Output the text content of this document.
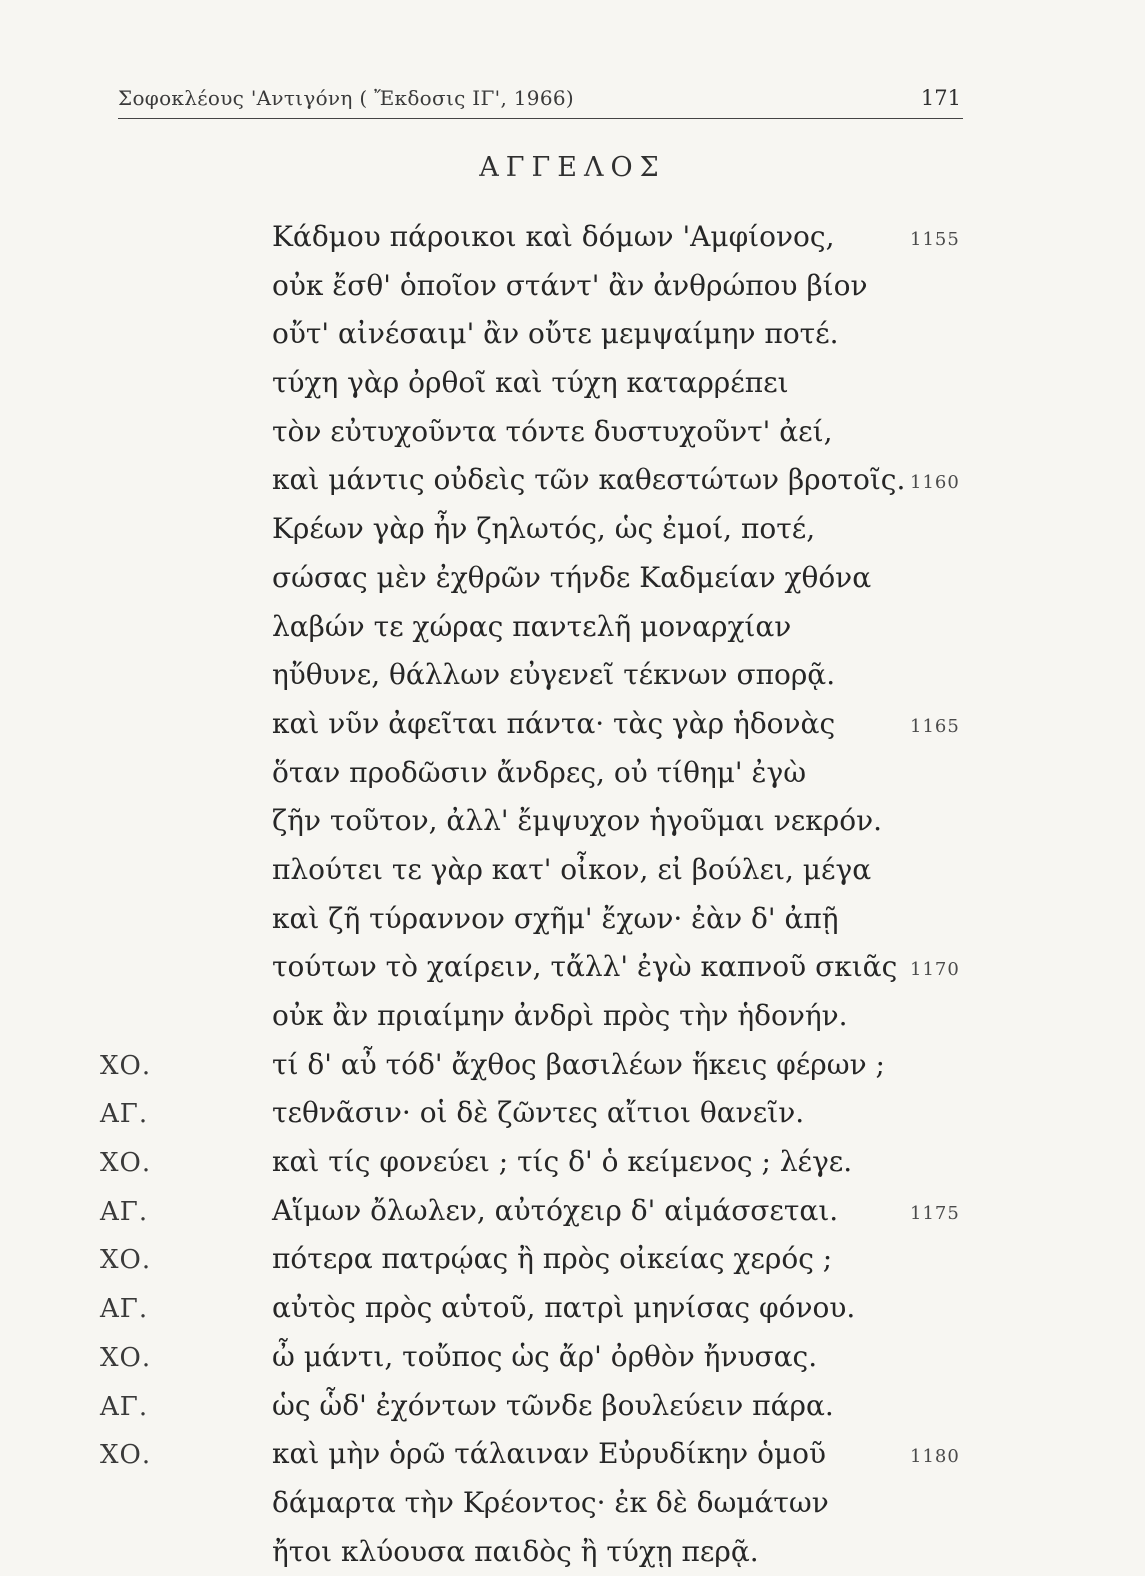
Σοφοκλέους 'Αντιγόνη ( Ἔκδοσις ΙΓ', 1966)	171
ΑΓΓΕΛΟΣ
Κάδμου πάροικοι καὶ δόμων 'Αμφίονος,	1155
οὐκ ἔσθ' ὁποῖον στάντ' ἂν ἀνθρώπου βίον
οὔτ' αἰνέσαιμ' ἂν οὔτε μεμψαίμην ποτέ.
τύχη γὰρ ὀρθοῖ καὶ τύχη καταρρέπει
τὸν εὐτυχοῦντα τόντε δυστυχοῦντ' ἀεί,
καὶ μάντις οὐδεὶς τῶν καθεστώτων βροτοῖς. 1160
Κρέων γὰρ ἦν ζηλωτός, ὡς ἐμοί, ποτέ,
σώσας μὲν ἐχθρῶν τήνδε Καδμείαν χθόνα
λαβών τε χώρας παντελῆ μοναρχίαν
ηὔθυνε, θάλλων εὐγενεῖ τέκνων σπορᾷ.
καὶ νῦν ἀφεῖται πάντα· τὰς γὰρ ἡδονὰς	1165
ὅταν προδῶσιν ἄνδρες, οὐ τίθημ' ἐγὼ
ζῆν τοῦτον, ἀλλ' ἔμψυχον ἡγοῦμαι νεκρόν.
πλούτει τε γὰρ κατ' οἶκον, εἰ βούλει, μέγα
καὶ ζῆ τύραννον σχῆμ' ἔχων· ἐὰν δ' ἀπῇ
τούτων τὸ χαίρειν, τἄλλ' ἐγὼ καπνοῦ σκιᾶς 1170
οὐκ ἂν πριαίμην ἀνδρὶ πρὸς τὴν ἡδονήν.
ΧΟ.	τί δ' αὖ τόδ' ἄχθος βασιλέων ἥκεις φέρων ;
ΑΓ.	τεθνᾶσιν· οἱ δὲ ζῶντες αἴτιοι θανεῖν.
ΧΟ.	καὶ τίς φονεύει ; τίς δ' ὁ κείμενος ; λέγε.
ΑΓ.	Αἵμων ὄλωλεν, αὐτόχειρ δ' αἱμάσσεται.	1175
ΧΟ.	πότερα πατρῴας ἢ πρὸς οἰκείας χερός ;
ΑΓ.	αὐτὸς πρὸς αὑτοῦ, πατρὶ μηνίσας φόνου.
ΧΟ.	ὦ μάντι, τοὔπος ὡς ἄρ' ὀρθὸν ἤνυσας.
ΑΓ.	ὡς ὧδ' ἐχόντων τῶνδε βουλεύειν πάρα.
ΧΟ.	καὶ μὴν ὁρῶ τάλαιναν Εὐρυδίκην ὁμοῦ	1180
δάμαρτα τὴν Κρέοντος· ἐκ δὲ δωμάτων
ἤτοι κλύουσα παιδὸς ἢ τύχῃ περᾷ.
